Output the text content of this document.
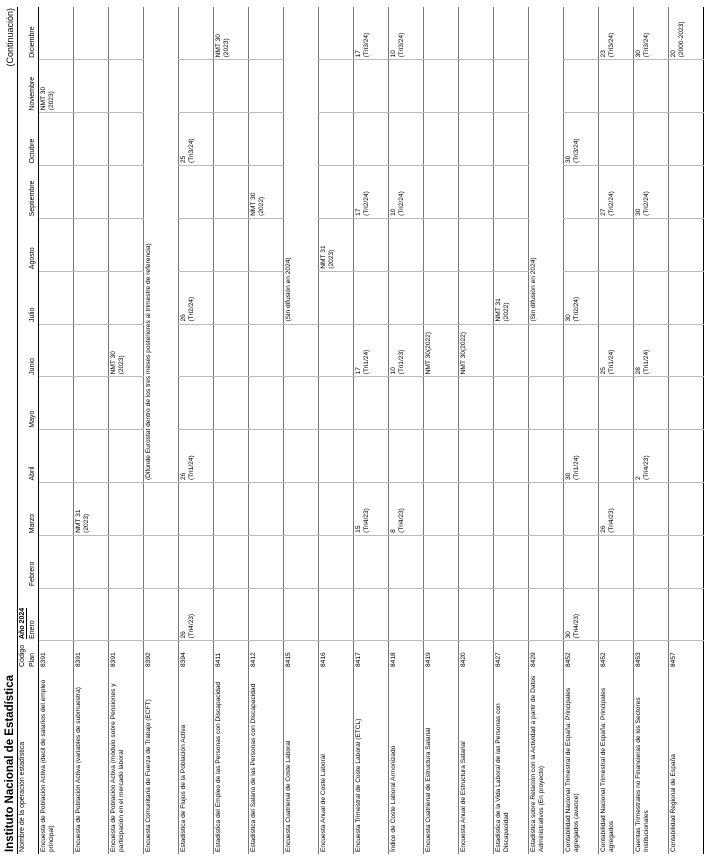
Instituto Nacional de Estadística
(Continuación)
Nombre de la operación estadística	Código	Año 2024											
	Plan	Enero	Febrero	Marzo	Abril	Mayo	Junio	Julio	Agosto	Septiembre	Octubre	Noviembre	Diciembre
Encuesta de Población Activa (decil de salarios del empleo principal)	8391											NMT 30 (2023)	

Encuesta de Población Activa (variables de submuestra)	8391			NMT 31 (2023)									

Encuesta de Población Activa (módulo sobre Pensiones y participación en el mercado laboral	8391						NMT 30 (2023)						

Encuesta Comunitaria de Fuerza de Trabajo (ECFT)	8392				(Difunde Eurostat dentro de los tres meses posteriores al trimestre de referencia)								
Estadística de Flujos de la Población Activa	8394	26 (Tri4/23)			26 (Tri1/24)			26 (Tri2/24)			25 (Tri3/24)		

Estadística del Empleo de las Personas con Discapacidad	8411												NMT 30 (2023)

Estadística del Salario de las Personas con Discapacidad	8412									NMT 30 (2022)			

Encuesta Cuatrienal de Coste Laboral	8415							(Sin difusión en 2024)					
Encuesta Anual de Coste Laboral	8416								NMT 31 (2023)				

Encuesta Trimestral de Coste Laboral (ETCL)	8417			15 (Tri4/23)			17 (Tri1/24)			17 (Tri2/24)			17 (Tri3/24)

Índice de Coste Laboral Armonizado	8418			8 (Tri4/23)			10 (Tri1/23)			10 (Tri2/24)			10 (Tri3/24)

Encuesta Cuatrienal de Estructura Salarial	8419						NMT 30(2022)						

Encuesta Anual de Estructura Salarial	8420						NMT 30(2022)						

Estadística de la Vida Laboral de las Personas con Discapacidad	8427							NMT 31 (2022)					

Estadística sobre Relación con la Actividad a partir de Datos Administrativos (En proyecto)	8429							(Sin difusión en 2024)					
Contabilidad Nacional Trimestral de España: Principales agregados (avance)	8452	30 (Tri4/23)			30 (Tri1/24)			30 (Tri2/24)			30 (Tri3/24)		

Contabilidad Nacional Trimestral de España: Principales agregados	8452			26 (Tri4/23)			25 (Tri1/24)			27 (Tri2/24)			23 (Tri3/24)

Cuentas Trimestrales no Financieras de los Sectores Institucionales	8453				2 (Tri4/23)		28 (Tri1/24)			30 (Tri2/24)			30 (Tri3/24)

Contabilidad Regional de España	8457												20 (2000-2023)
